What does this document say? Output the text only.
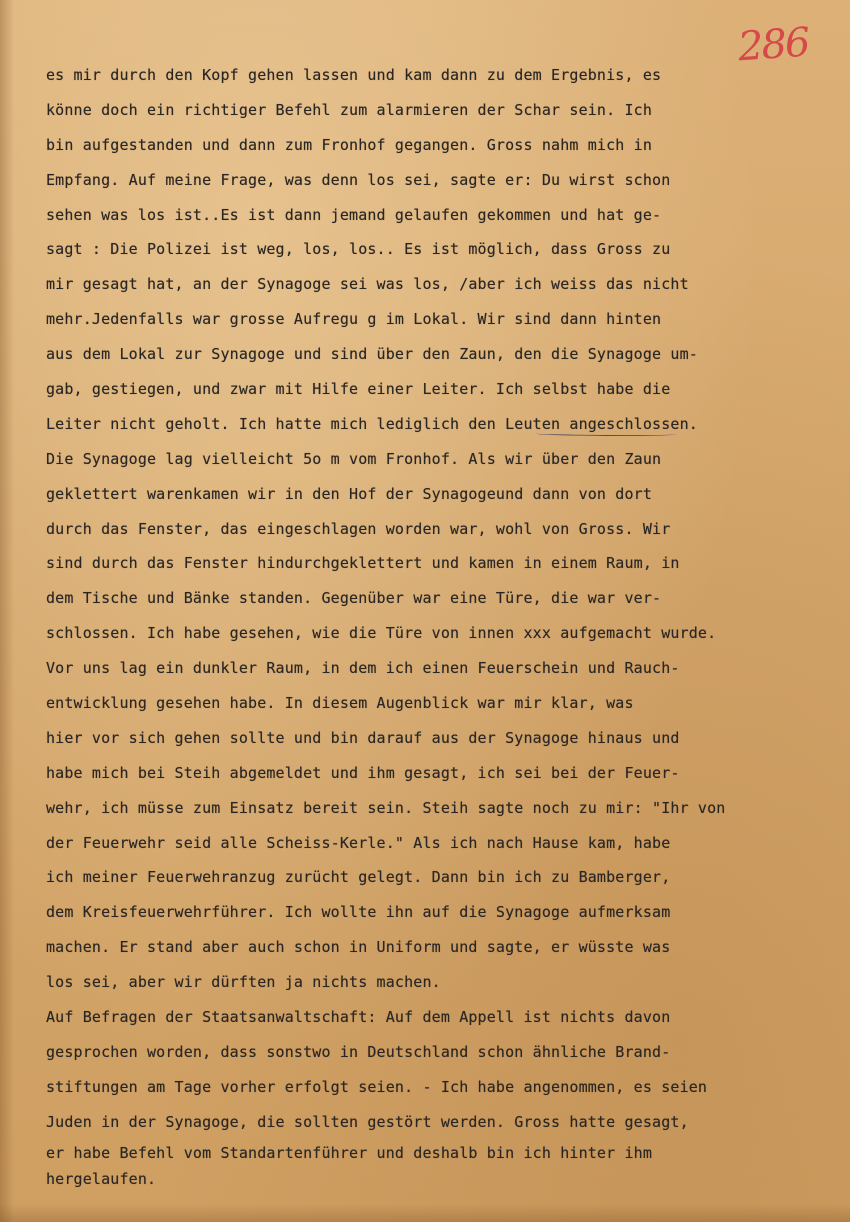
286
es mir durch den Kopf gehen lassen und kam dann zu dem Ergebnis, es
könne doch ein richtiger Befehl zum alarmieren der Schar sein. Ich
bin aufgestanden und dann zum Fronhof gegangen. Gross nahm mich in
Empfang. Auf meine Frage, was denn los sei, sagte er: Du wirst schon
sehen was los ist..Es ist dann jemand gelaufen gekommen und hat ge-
sagt : Die Polizei ist weg, los, los.. Es ist möglich, dass Gross zu
mir gesagt hat, an der Synagoge sei was los, /aber ich weiss das nicht
mehr.Jedenfalls war grosse Aufregu g im Lokal. Wir sind dann hinten
aus dem Lokal zur Synagoge und sind über den Zaun, den die Synagoge um-
gab, gestiegen, und zwar mit Hilfe einer Leiter. Ich selbst habe die
Leiter nicht geholt. Ich hatte mich lediglich den Leuten angeschlossen.
Die Synagoge lag vielleicht 5o m vom Fronhof. Als wir über den Zaun
geklettert warenkamen wir in den Hof der Synagogeund dann von dort
durch das Fenster, das eingeschlagen worden war, wohl von Gross. Wir
sind durch das Fenster hindurchgeklettert und kamen in einem Raum, in
dem Tische und Bänke standen. Gegenüber war eine Türe, die war ver-
schlossen. Ich habe gesehen, wie die Türe von innen xxx aufgemacht wurde.
Vor uns lag ein dunkler Raum, in dem ich einen Feuerschein und Rauch-
entwicklung gesehen habe. In diesem Augenblick war mir klar, was
hier vor sich gehen sollte und bin darauf aus der Synagoge hinaus und
habe mich bei Steih abgemeldet und ihm gesagt, ich sei bei der Feuer-
wehr, ich müsse zum Einsatz bereit sein. Steih sagte noch zu mir: "Ihr von
der Feuerwehr seid alle Scheiss-Kerle." Als ich nach Hause kam, habe
ich meiner Feuerwehranzug zurücht gelegt. Dann bin ich zu Bamberger,
dem Kreisfeuerwehrführer. Ich wollte ihn auf die Synagoge aufmerksam
machen. Er stand aber auch schon in Uniform und sagte, er wüsste was
los sei, aber wir dürften ja nichts machen.
Auf Befragen der Staatsanwaltschaft: Auf dem Appell ist nichts davon
gesprochen worden, dass sonstwo in Deutschland schon ähnliche Brand-
stiftungen am Tage vorher erfolgt seien. - Ich habe angenommen, es seien
Juden in der Synagoge, die sollten gestört werden. Gross hatte gesagt,
er habe Befehl vom Standartenführer und deshalb bin ich hinter ihm
hergelaufen.
